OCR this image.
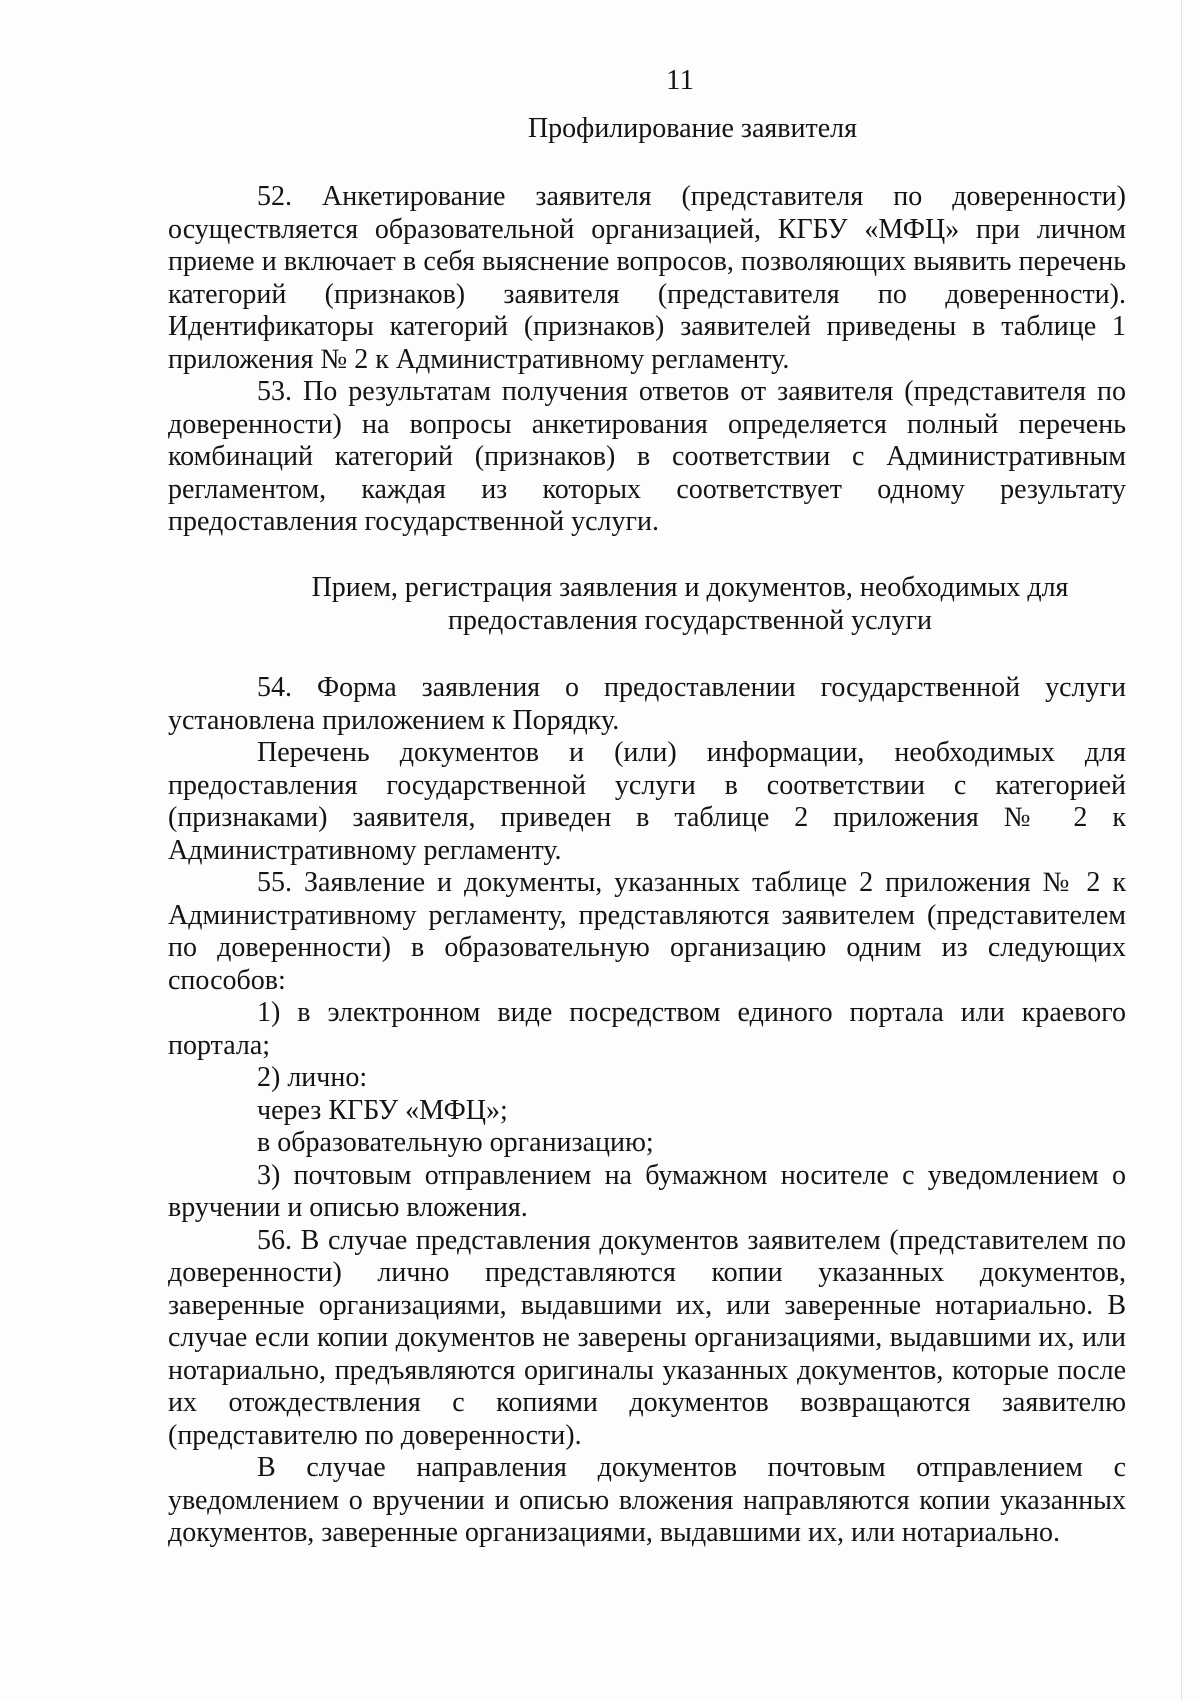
11
Профилирование заявителя

52. Анкетирование заявителя (представителя по доверенности) осуществляется образовательной организацией, КГБУ «МФЦ» при личном приеме и включает в себя выяснение вопросов, позволяющих выявить перечень категорий (признаков) заявителя (представителя по доверенности). Идентификаторы категорий (признаков) заявителей приведены в таблице 1 приложения № 2 к Административному регламенту.

53. По результатам получения ответов от заявителя (представителя по доверенности) на вопросы анкетирования определяется полный перечень комбинаций категорий (признаков) в соответствии с Административным регламентом, каждая из которых соответствует одному результату предоставления государственной услуги.

Прием, регистрация заявления и документов, необходимых для предоставления государственной услуги

54. Форма заявления о предоставлении государственной услуги установлена приложением к Порядку.

Перечень документов и (или) информации, необходимых для предоставления государственной услуги в соответствии с категорией (признаками) заявителя, приведен в таблице 2 приложения № 2 к Административному регламенту.

55. Заявление и документы, указанных таблице 2 приложения № 2 к Административному регламенту, представляются заявителем (представителем по доверенности) в образовательную организацию одним из следующих способов:

1) в электронном виде посредством единого портала или краевого портала;

2) лично:

через КГБУ «МФЦ»;

в образовательную организацию;

3) почтовым отправлением на бумажном носителе с уведомлением о вручении и описью вложения.

56. В случае представления документов заявителем (представителем по доверенности) лично представляются копии указанных документов, заверенные организациями, выдавшими их, или заверенные нотариально. В случае если копии документов не заверены организациями, выдавшими их, или нотариально, предъявляются оригиналы указанных документов, которые после их отождествления с копиями документов возвращаются заявителю (представителю по доверенности).

В случае направления документов почтовым отправлением с уведомлением о вручении и описью вложения направляются копии указанных документов, заверенные организациями, выдавшими их, или нотариально.
